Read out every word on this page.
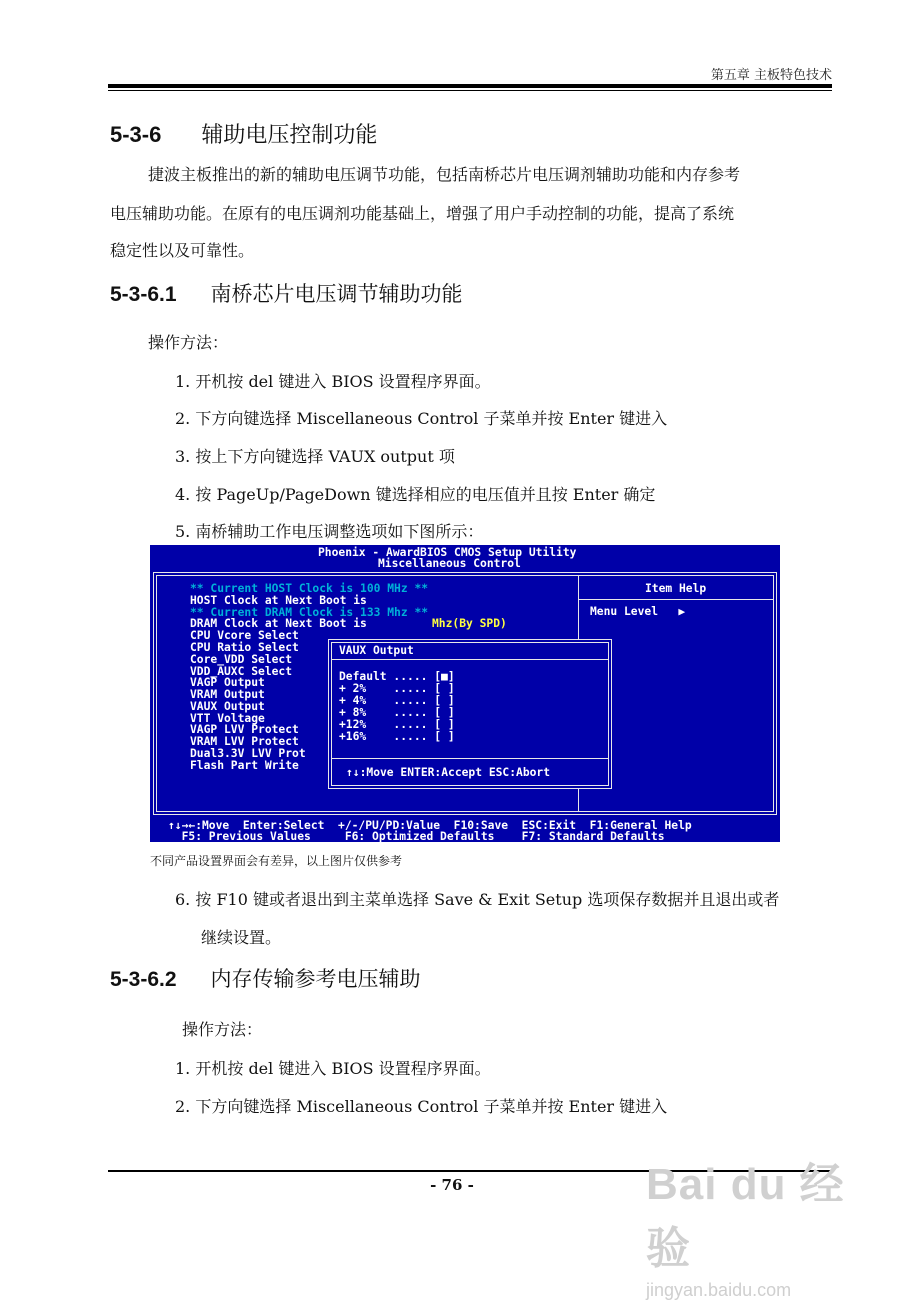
第五章 主板特色技术
5-3-6 辅助电压控制功能
捷波主板推出的新的辅助电压调节功能，包括南桥芯片电压调剂辅助功能和内存参考
电压辅助功能。在原有的电压调剂功能基础上，增强了用户手动控制的功能，提高了系统
稳定性以及可靠性。
5-3-6.1 南桥芯片电压调节辅助功能
操作方法：
1. 开机按 del 键进入 BIOS 设置程序界面。
2. 下方向键选择 Miscellaneous Control 子菜单并按 Enter 键进入
3. 按上下方向键选择 VAUX output 项
4. 按 PageUp/PageDown 键选择相应的电压值并且按 Enter 确定
5. 南桥辅助工作电压调整选项如下图所示：
Phoenix - AwardBIOS CMOS Setup Utility
Miscellaneous Control
** Current HOST Clock is 100 MHz **
HOST Clock at Next Boot is
** Current DRAM Clock is 133 Mhz **
DRAM Clock at Next Boot is	Mhz(By SPD)
CPU Vcore Select
CPU Ratio Select
Core_VDD Select
VDD_AUXC Select
VAGP Output
VRAM Output
VAUX Output
VTT Voltage
VAGP LVV Protect
VRAM LVV Protect
Dual3.3V LVV Prot
Flash Part Write
Item Help
Menu Level   ▶
VAUX Output
Default ..... [■]
+ 2%    ..... [ ]
+ 4%    ..... [ ]
+ 8%    ..... [ ]
+12%    ..... [ ]
+16%    ..... [ ]
↑↓:Move ENTER:Accept ESC:Abort
↑↓→←:Move  Enter:Select  +/-/PU/PD:Value  F10:Save  ESC:Exit  F1:General Help
F5: Previous Values     F6: Optimized Defaults    F7: Standard Defaults
不同产品设置界面会有差异，以上图片仅供参考
6. 按 F10 键或者退出到主菜单选择 Save & Exit Setup 选项保存数据并且退出或者
继续设置。
5-3-6.2 内存传输参考电压辅助
操作方法：
1. 开机按 del 键进入 BIOS 设置程序界面。
2. 下方向键选择 Miscellaneous Control 子菜单并按 Enter 键进入
- 76 -	Bai du 经验
jingyan.baidu.com
